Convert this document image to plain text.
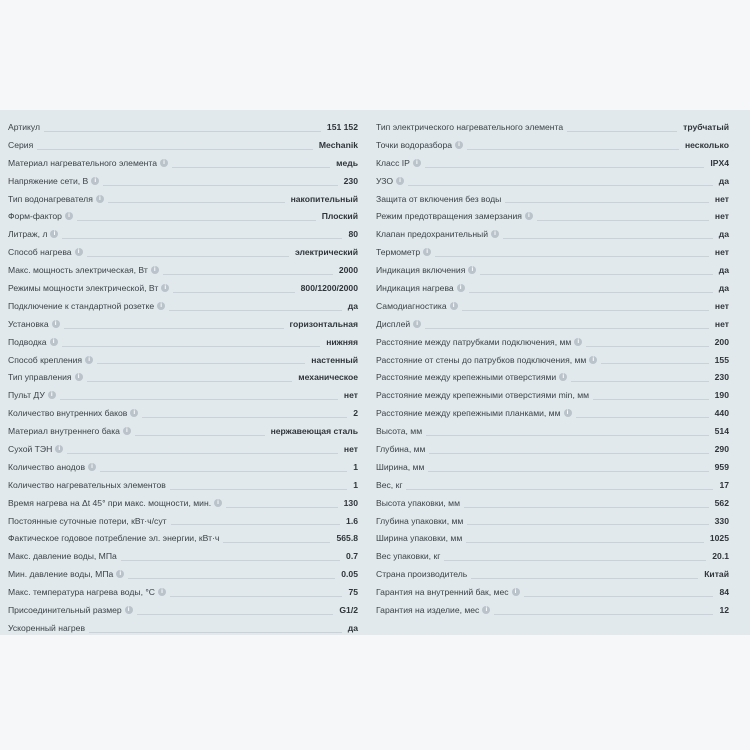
Артикул	151 152
Серия	Mechanik
Материал нагревательного элемента i	медь
Напряжение сети, В i	230
Тип водонагревателя i	накопительный
Форм-фактор i	Плоский
Литраж, л i	80
Способ нагрева i	электрический
Макс. мощность электрическая, Вт i	2000
Режимы мощности электрической, Вт i	800/1200/2000
Подключение к стандартной розетке i	да
Установка i	горизонтальная
Подводка i	нижняя
Способ крепления i	настенный
Тип управления i	механическое
Пульт ДУ i	нет
Количество внутренних баков i	2
Материал внутреннего бака i	нержавеющая сталь
Сухой ТЭН i	нет
Количество анодов i	1
Количество нагревательных элементов	1
Время нагрева на Δt 45° при макс. мощности, мин. i	130
Постоянные суточные потери, кВт·ч/сут	1.6
Фактическое годовое потребление эл. энергии, кВт·ч	565.8
Макс. давление воды, МПа	0.7
Мин. давление воды, МПа i	0.05
Макс. температура нагрева воды, °С i	75
Присоединительный размер i	G1/2
Ускоренный нагрев	да
Тип электрического нагревательного элемента	трубчатый
Точки водоразбора i	несколько
Класс IP i	IPX4
УЗО i	да
Защита от включения без воды	нет
Режим предотвращения замерзания i	нет
Клапан предохранительный i	да
Термометр i	нет
Индикация включения i	да
Индикация нагрева i	да
Самодиагностика i	нет
Дисплей i	нет
Расстояние между патрубками подключения, мм i	200
Расстояние от стены до патрубков подключения, мм i	155
Расстояние между крепежными отверстиями i	230
Расстояние между крепежными отверстиями min, мм	190
Расстояние между крепежными планками, мм i	440
Высота, мм	514
Глубина, мм	290
Ширина, мм	959
Вес, кг	17
Высота упаковки, мм	562
Глубина упаковки, мм	330
Ширина упаковки, мм	1025
Вес упаковки, кг	20.1
Страна производитель	Китай
Гарантия на внутренний бак, мес i	84
Гарантия на изделие, мес i	12
